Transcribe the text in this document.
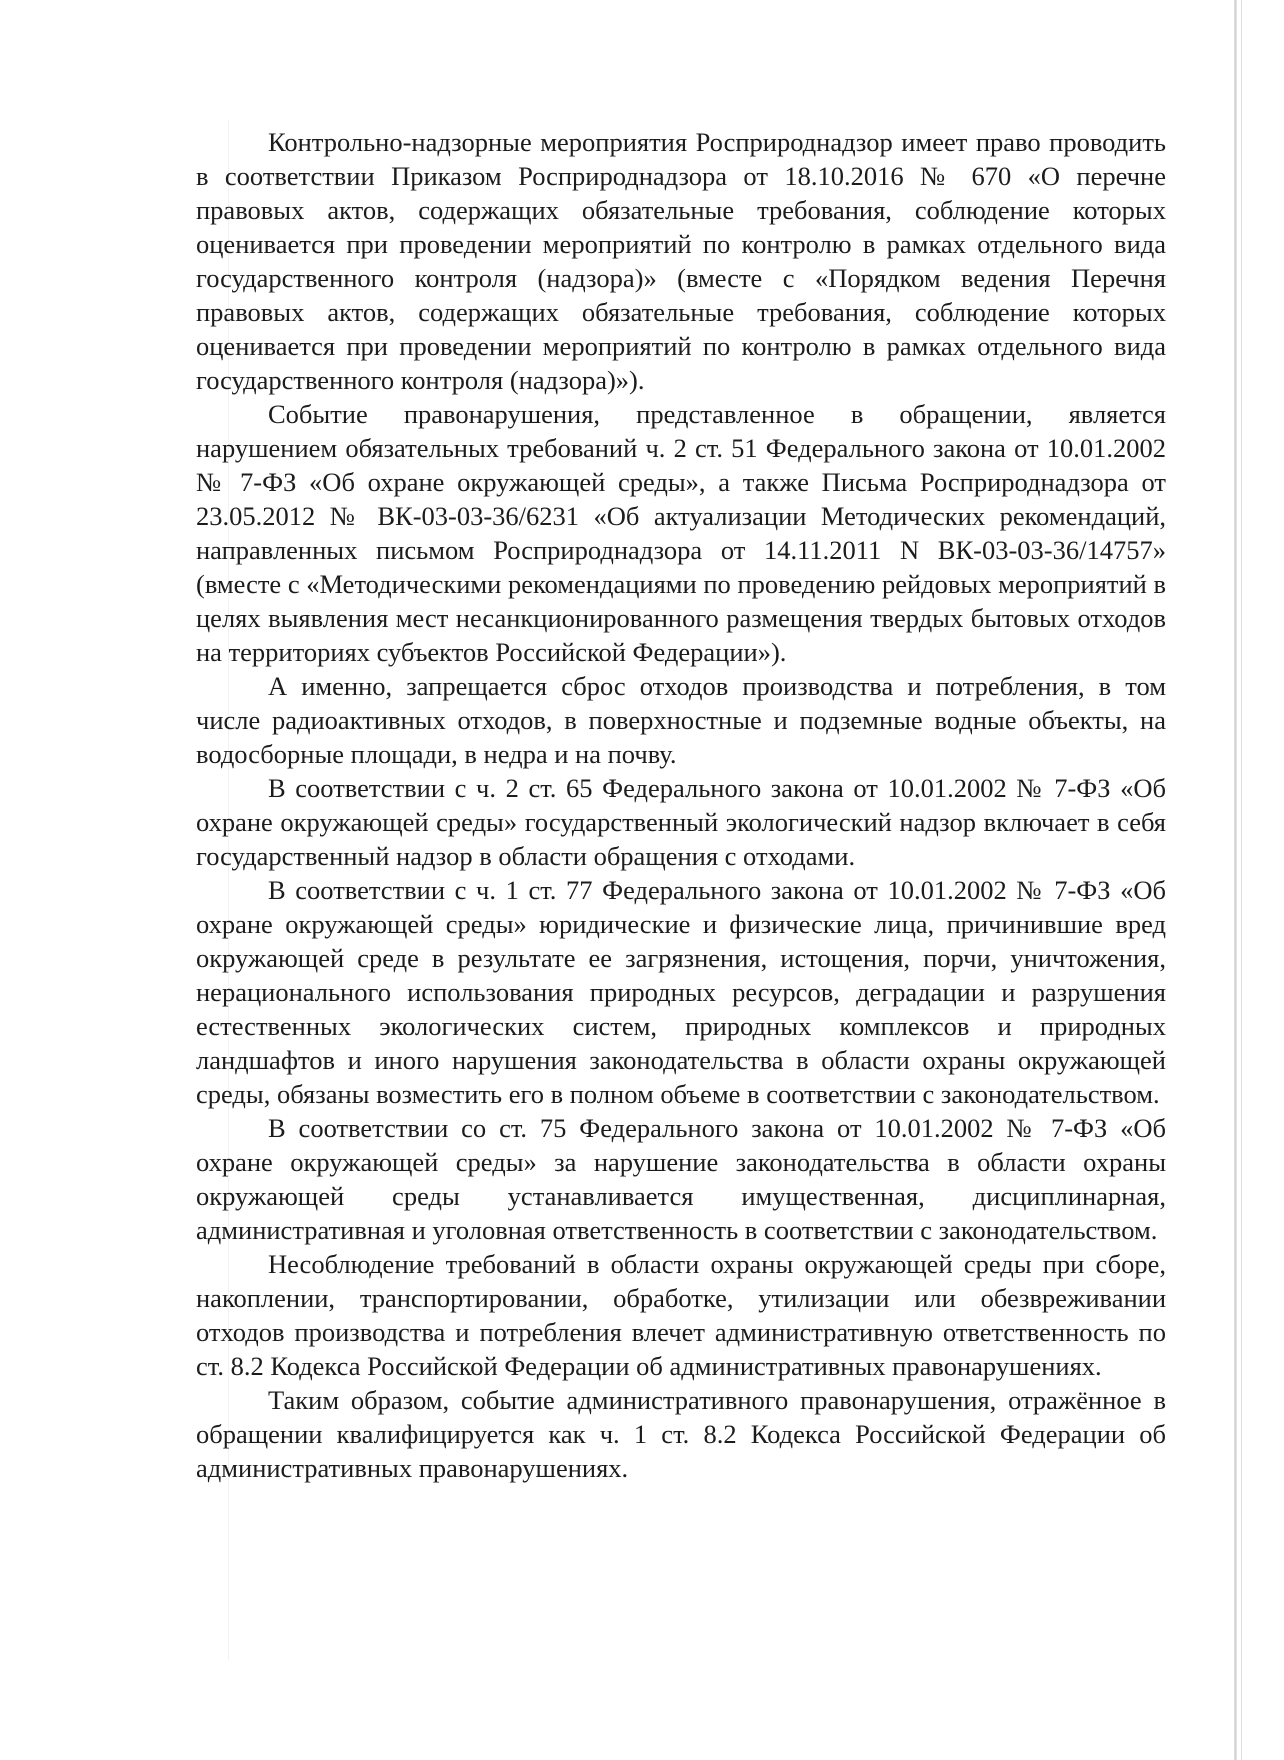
Контрольно-надзорные мероприятия Росприроднадзор имеет право проводить в соответствии Приказом Росприроднадзора от 18.10.2016 № 670 «О перечне правовых актов, содержащих обязательные требования, соблюдение которых оценивается при проведении мероприятий по контролю в рамках отдельного вида государственного контроля (надзора)» (вместе с «Порядком ведения Перечня правовых актов, содержащих обязательные требования, соблюдение которых оценивается при проведении мероприятий по контролю в рамках отдельного вида государственного контроля (надзора)»).

Событие правонарушения, представленное в обращении, является нарушением обязательных требований ч. 2 ст. 51 Федерального закона от 10.01.2002 № 7-ФЗ «Об охране окружающей среды», а также Письма Росприроднадзора от 23.05.2012 № ВК-03-03-36/6231 «Об актуализации Методических рекомендаций, направленных письмом Росприроднадзора от 14.11.2011 N ВК-03-03-36/14757» (вместе с «Методическими рекомендациями по проведению рейдовых мероприятий в целях выявления мест несанкционированного размещения твердых бытовых отходов на территориях субъектов Российской Федерации»).

А именно, запрещается сброс отходов производства и потребления, в том числе радиоактивных отходов, в поверхностные и подземные водные объекты, на водосборные площади, в недра и на почву.

В соответствии с ч. 2 ст. 65 Федерального закона от 10.01.2002 № 7-ФЗ «Об охране окружающей среды» государственный экологический надзор включает в себя государственный надзор в области обращения с отходами.

В соответствии с ч. 1 ст. 77 Федерального закона от 10.01.2002 № 7-ФЗ «Об охране окружающей среды» юридические и физические лица, причинившие вред окружающей среде в результате ее загрязнения, истощения, порчи, уничтожения, нерационального использования природных ресурсов, деградации и разрушения естественных экологических систем, природных комплексов и природных ландшафтов и иного нарушения законодательства в области охраны окружающей среды, обязаны возместить его в полном объеме в соответствии с законодательством.

В соответствии со ст. 75 Федерального закона от 10.01.2002 № 7-ФЗ «Об охране окружающей среды» за нарушение законодательства в области охраны окружающей среды устанавливается имущественная, дисциплинарная, административная и уголовная ответственность в соответствии с законодательством.

Несоблюдение требований в области охраны окружающей среды при сборе, накоплении, транспортировании, обработке, утилизации или обезвреживании отходов производства и потребления влечет административную ответственность по ст. 8.2 Кодекса Российской Федерации об административных правонарушениях.

Таким образом, событие административного правонарушения, отражённое в обращении квалифицируется как ч. 1 ст. 8.2 Кодекса Российской Федерации об административных правонарушениях.
